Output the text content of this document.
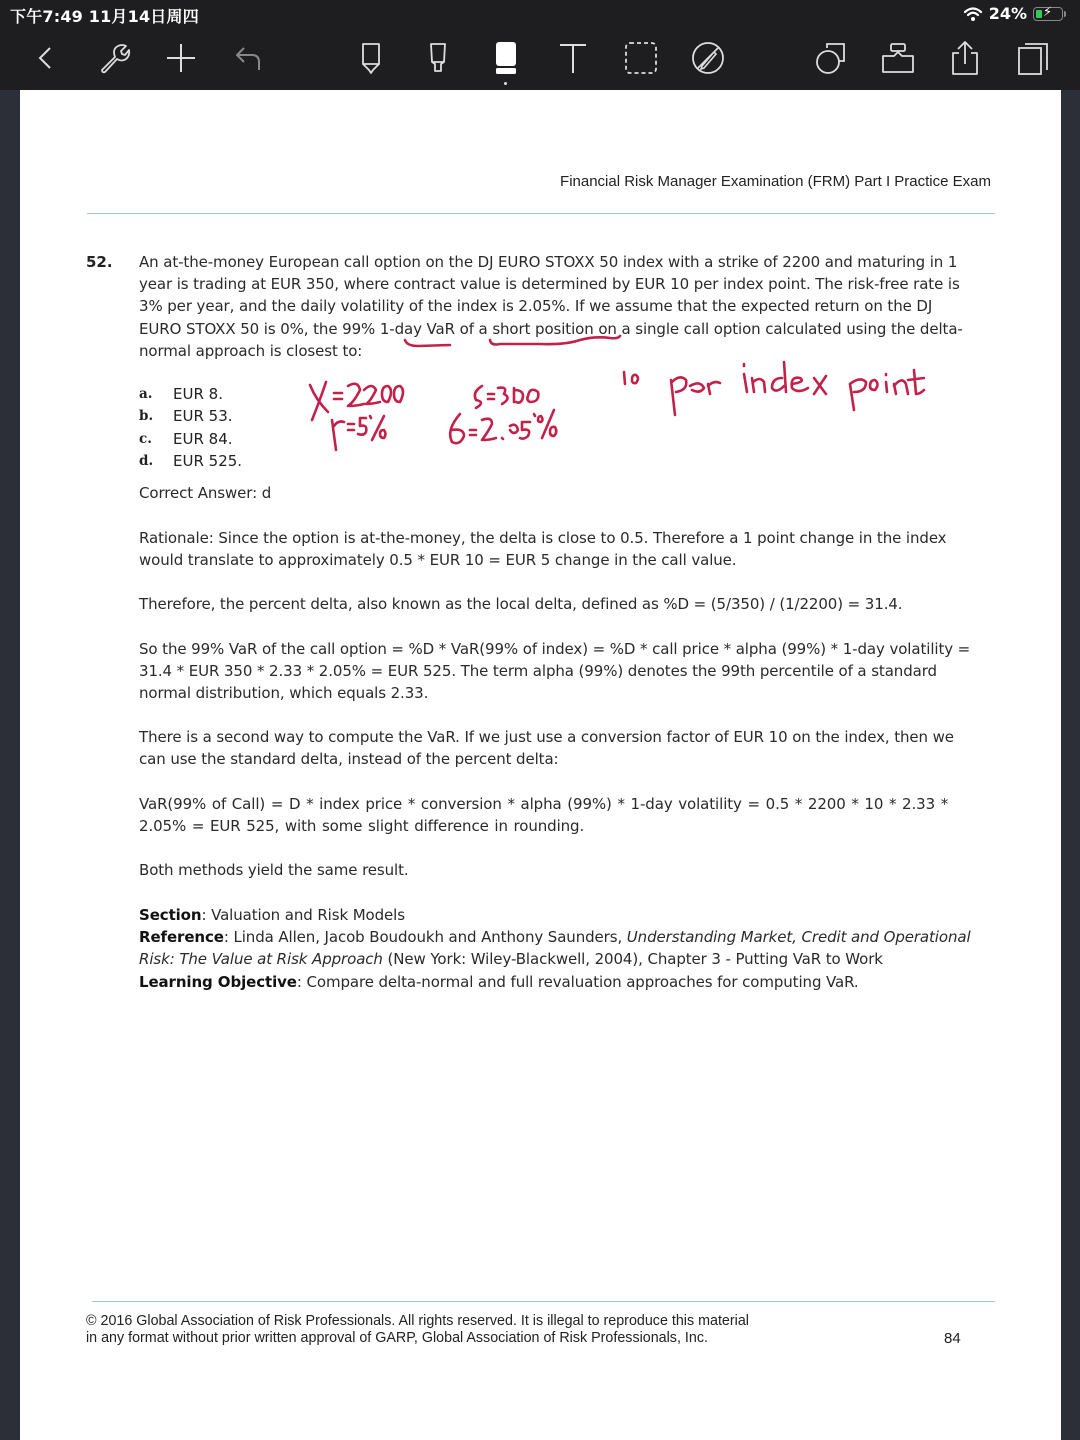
下午7:49 11月14日周四	24% ⚡
Financial Risk Manager Examination (FRM) Part I Practice Exam
52. An at-the-money European call option on the DJ EURO STOXX 50 index with a strike of 2200 and maturing in 1 year is trading at EUR 350, where contract value is determined by EUR 10 per index point. The risk-free rate is 3% per year, and the daily volatility of the index is 2.05%. If we assume that the expected return on the DJ EURO STOXX 50 is 0%, the 99% 1-day VaR of a short position on a single call option calculated using the delta-normal approach is closest to:
a.	EUR 8.
b.	EUR 53.
c.	EUR 84.
d.	EUR 525.
Correct Answer: d
Rationale: Since the option is at-the-money, the delta is close to 0.5. Therefore a 1 point change in the index would translate to approximately 0.5 * EUR 10 = EUR 5 change in the call value.
Therefore, the percent delta, also known as the local delta, defined as %D = (5/350) / (1/2200) = 31.4.
So the 99% VaR of the call option = %D * VaR(99% of index) = %D * call price * alpha (99%) * 1-day volatility = 31.4 * EUR 350 * 2.33 * 2.05% = EUR 525. The term alpha (99%) denotes the 99th percentile of a standard normal distribution, which equals 2.33.
There is a second way to compute the VaR. If we just use a conversion factor of EUR 10 on the index, then we can use the standard delta, instead of the percent delta:
VaR(99% of Call) = D * index price * conversion * alpha (99%) * 1-day volatility = 0.5 * 2200 * 10 * 2.33 * 2.05% = EUR 525, with some slight difference in rounding.
Both methods yield the same result.
Section: Valuation and Risk Models
Reference: Linda Allen, Jacob Boudoukh and Anthony Saunders, Understanding Market, Credit and Operational Risk: The Value at Risk Approach (New York: Wiley-Blackwell, 2004), Chapter 3 - Putting VaR to Work
Learning Objective: Compare delta-normal and full revaluation approaches for computing VaR.
© 2016 Global Association of Risk Professionals. All rights reserved. It is illegal to reproduce this material
in any format without prior written approval of GARP, Global Association of Risk Professionals, Inc.	84
